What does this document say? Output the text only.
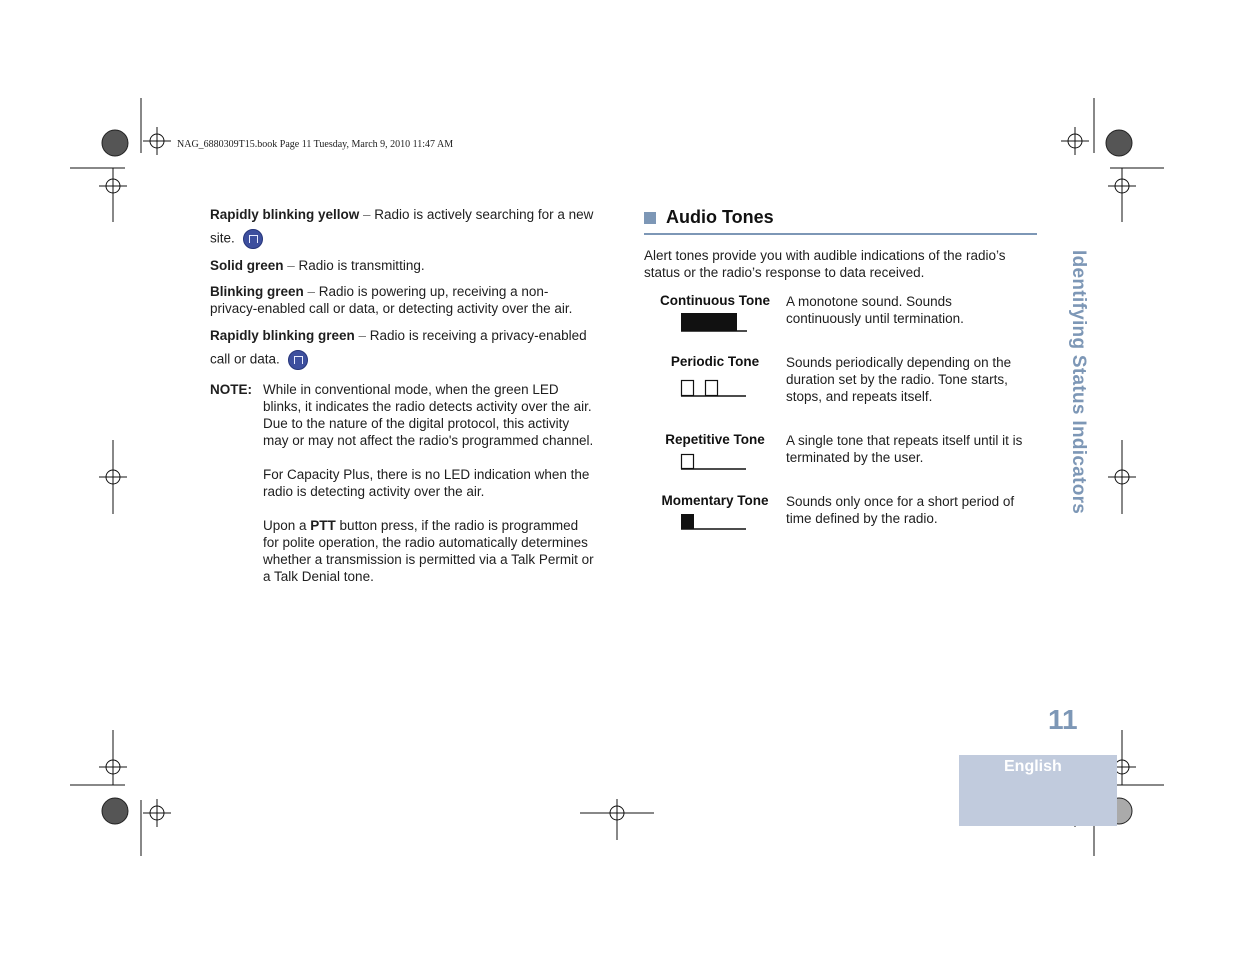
NAG_6880309T15.book Page 11 Tuesday, March 9, 2010 11:47 AM
Rapidly blinking yellow – Radio is actively searching for a new
site.
Solid green – Radio is transmitting.
Blinking green – Radio is powering up, receiving a non-
privacy-enabled call or data, or detecting activity over the air.
Rapidly blinking green – Radio is receiving a privacy-enabled
call or data.
NOTE: While in conventional mode, when the green LED
blinks, it indicates the radio detects activity over the air.
Due to the nature of the digital protocol, this activity
may or may not affect the radio's programmed channel.
For Capacity Plus, there is no LED indication when the
radio is detecting activity over the air.
Upon a PTT button press, if the radio is programmed
for polite operation, the radio automatically determines
whether a transmission is permitted via a Talk Permit or
a Talk Denial tone.
Audio Tones
Alert tones provide you with audible indications of the radio’s
status or the radio’s response to data received.
Continuous Tone	A monotone sound. Sounds
continuously until termination.
Periodic Tone	Sounds periodically depending on the
duration set by the radio. Tone starts,
stops, and repeats itself.
Repetitive Tone	A single tone that repeats itself until it is
terminated by the user.
Momentary Tone	Sounds only once for a short period of
time defined by the radio.
Identifying Status Indicators
11
English
